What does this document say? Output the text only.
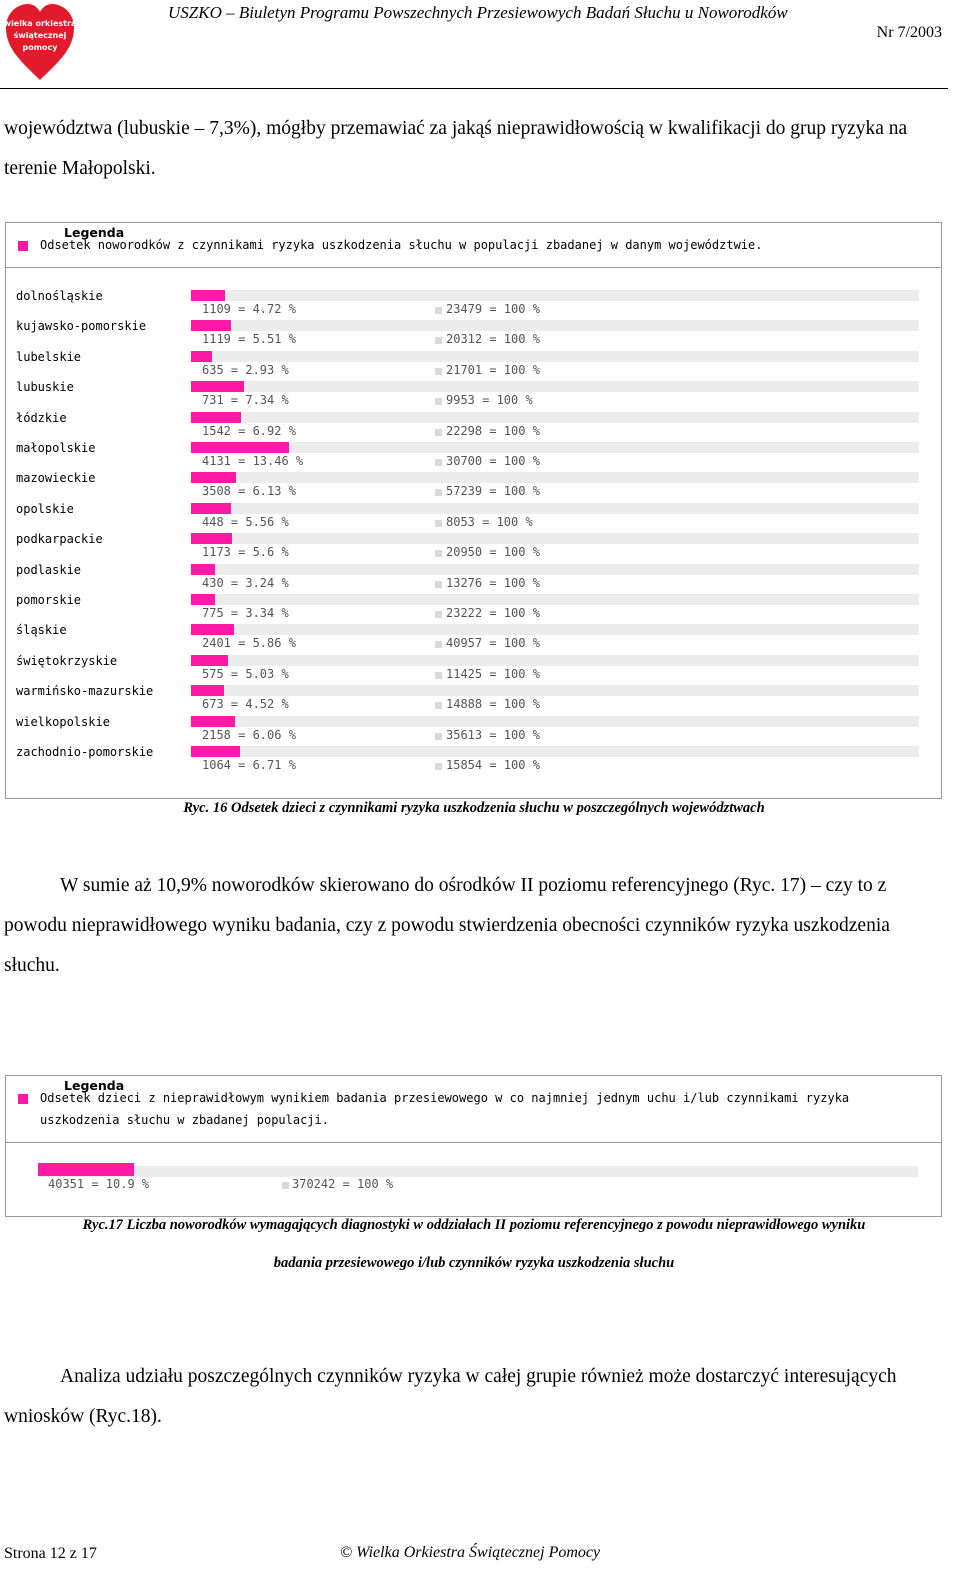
wielka orkiestra
świątecznej
pomocy
USZKO – Biuletyn Programu Powszechnych Przesiewowych Badań Słuchu u Noworodków
Nr 7/2003
województwa (lubuskie – 7,3%), mógłby przemawiać za jakąś nieprawidłowością w kwalifikacji do grup ryzyka na terenie Małopolski.
Legenda
Odsetek noworodków z czynnikami ryzyka uszkodzenia słuchu w populacji zbadanej w danym województwie.
dolnośląskie
1109 = 4.72 %	23479 = 100 %
kujawsko-pomorskie
1119 = 5.51 %	20312 = 100 %
lubelskie
635 = 2.93 %	21701 = 100 %
lubuskie
731 = 7.34 %	9953 = 100 %
łódzkie
1542 = 6.92 %	22298 = 100 %
małopolskie
4131 = 13.46 %	30700 = 100 %
mazowieckie
3508 = 6.13 %	57239 = 100 %
opolskie
448 = 5.56 %	8053 = 100 %
podkarpackie
1173 = 5.6 %	20950 = 100 %
podlaskie
430 = 3.24 %	13276 = 100 %
pomorskie
775 = 3.34 %	23222 = 100 %
śląskie
2401 = 5.86 %	40957 = 100 %
świętokrzyskie
575 = 5.03 %	11425 = 100 %
warmińsko-mazurskie
673 = 4.52 %	14888 = 100 %
wielkopolskie
2158 = 6.06 %	35613 = 100 %
zachodnio-pomorskie
1064 = 6.71 %	15854 = 100 %
Ryc. 16 Odsetek dzieci z czynnikami ryzyka uszkodzenia słuchu w poszczególnych województwach
W sumie aż 10,9% noworodków skierowano do ośrodków II poziomu referencyjnego (Ryc. 17) – czy to z powodu nieprawidłowego wyniku badania, czy z powodu stwierdzenia obecności czynników ryzyka uszkodzenia słuchu.
Legenda
Odsetek dzieci z nieprawidłowym wynikiem badania przesiewowego w co najmniej jednym uchu i/lub czynnikami ryzyka
uszkodzenia słuchu w zbadanej populacji.
40351 = 10.9 %	370242 = 100 %
Ryc.17 Liczba noworodków wymagających diagnostyki w oddziałach II poziomu referencyjnego z powodu nieprawidłowego wyniku
badania przesiewowego i/lub czynników ryzyka uszkodzenia słuchu
Analiza udziału poszczególnych czynników ryzyka w całej grupie również może dostarczyć interesujących wniosków (Ryc.18).
Strona 12 z 17	© Wielka Orkiestra Świątecznej Pomocy
